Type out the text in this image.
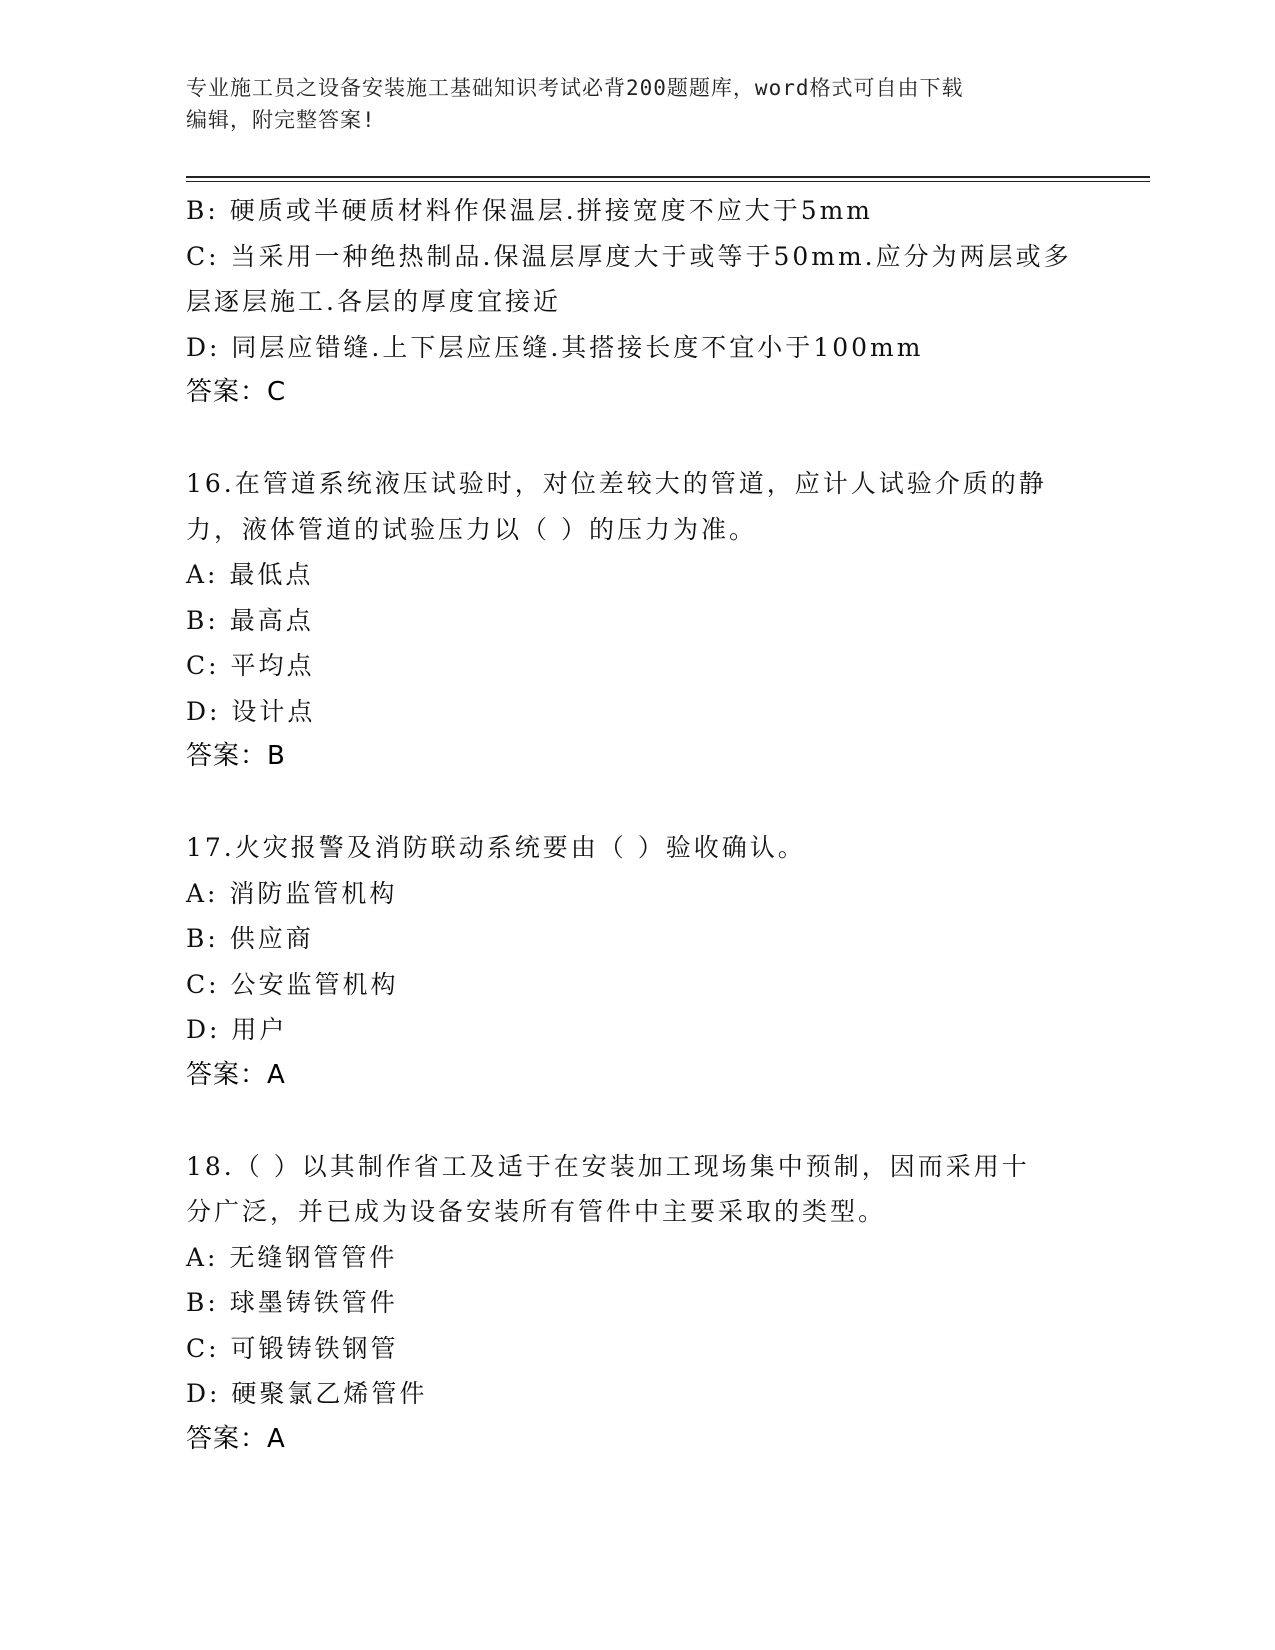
专业施工员之设备安装施工基础知识考试必背200题题库，word格式可自由下载
编辑，附完整答案!
B: 硬质或半硬质材料作保温层.拼接宽度不应大于5mm
C: 当采用一种绝热制品.保温层厚度大于或等于50mm.应分为两层或多
层逐层施工.各层的厚度宜接近
D: 同层应错缝.上下层应压缝.其搭接长度不宜小于100mm
答案：C
16.在管道系统液压试验时，对位差较大的管道，应计人试验介质的静
力，液体管道的试验压力以（ ）的压力为准。
A: 最低点
B: 最高点
C: 平均点
D: 设计点
答案：B
17.火灾报警及消防联动系统要由（ ）验收确认。
A: 消防监管机构
B: 供应商
C: 公安监管机构
D: 用户
答案：A
18.（ ）以其制作省工及适于在安装加工现场集中预制，因而采用十
分广泛，并已成为设备安装所有管件中主要采取的类型。
A: 无缝钢管管件
B: 球墨铸铁管件
C: 可锻铸铁钢管
D: 硬聚氯乙烯管件
答案：A
